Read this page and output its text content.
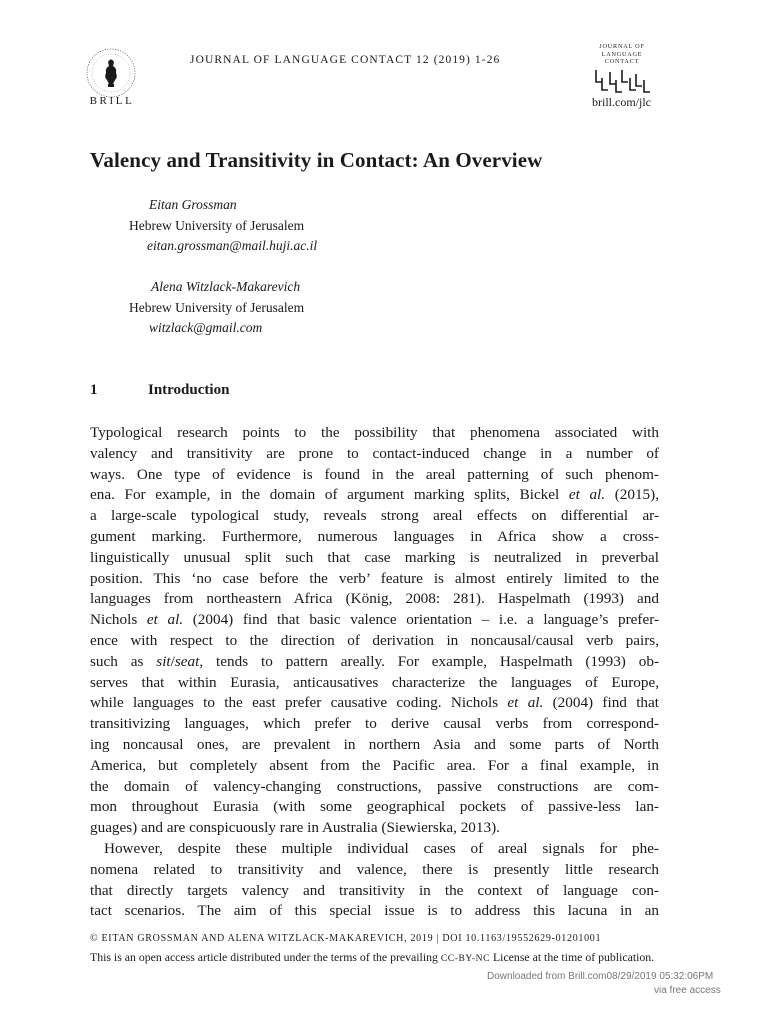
BRILL
JOURNAL OF LANGUAGE CONTACT 12 (2019) 1-26
JOURNAL OF
LANGUAGE CONTACT
brill.com/jlc
Valency and Transitivity in Contact: An Overview
Eitan Grossman
Hebrew University of Jerusalem
eitan.grossman@mail.huji.ac.il
Alena Witzlack-Makarevich
Hebrew University of Jerusalem
witzlack@gmail.com
1	Introduction
Typological research points to the possibility that phenomena associated with
valency and transitivity are prone to contact-induced change in a number of
ways. One type of evidence is found in the areal patterning of such phenom-
ena. For example, in the domain of argument marking splits, Bickel et al. (2015),
a large-scale typological study, reveals strong areal effects on differential ar-
gument marking. Furthermore, numerous languages in Africa show a cross-
linguistically unusual split such that case marking is neutralized in preverbal
position. This ‘no case before the verb’ feature is almost entirely limited to the
languages from northeastern Africa (König, 2008: 281). Haspelmath (1993) and
Nichols et al. (2004) find that basic valence orientation – i.e. a language’s prefer-
ence with respect to the direction of derivation in noncausal/causal verb pairs,
such as sit/seat, tends to pattern areally. For example, Haspelmath (1993) ob-
serves that within Eurasia, anticausatives characterize the languages of Europe,
while languages to the east prefer causative coding. Nichols et al. (2004) find that
transitivizing languages, which prefer to derive causal verbs from correspond-
ing noncausal ones, are prevalent in northern Asia and some parts of North
America, but completely absent from the Pacific area. For a final example, in
the domain of valency-changing constructions, passive constructions are com-
mon throughout Eurasia (with some geographical pockets of passive-less lan-
guages) and are conspicuously rare in Australia (Siewierska, 2013).
However, despite these multiple individual cases of areal signals for phe-
nomena related to transitivity and valence, there is presently little research
that directly targets valency and transitivity in the context of language con-
tact scenarios. The aim of this special issue is to address this lacuna in an
© EITAN GROSSMAN AND ALENA WITZLACK-MAKAREVICH, 2019 | DOI 10.1163/19552629-01201001
This is an open access article distributed under the terms of the prevailing CC-BY-NC License at the time of publication.
Downloaded from Brill.com08/29/2019 05:32:06PM
via free access
